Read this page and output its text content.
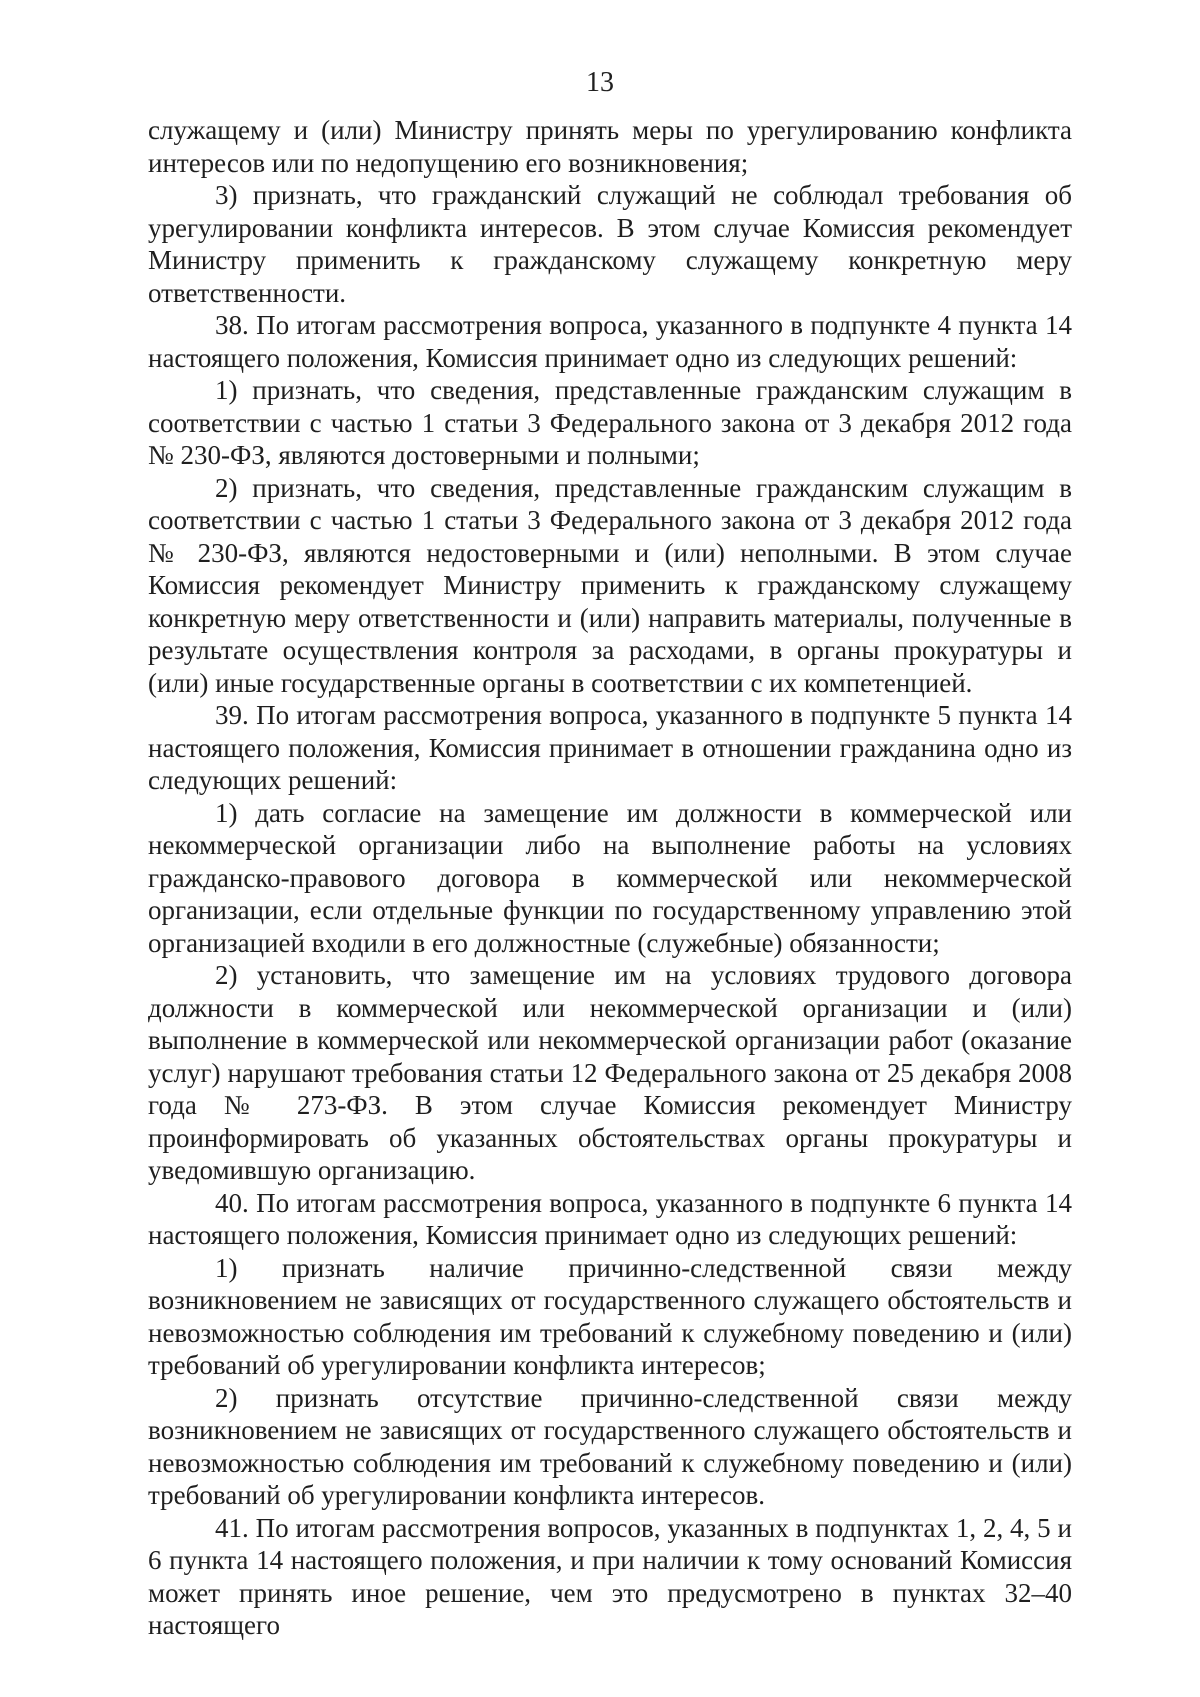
13

служащему и (или) Министру принять меры по урегулированию конфликта интересов или по недопущению его возникновения;

3) признать, что гражданский служащий не соблюдал требования об урегулировании конфликта интересов. В этом случае Комиссия рекомендует Министру применить к гражданскому служащему конкретную меру ответственности.

38. По итогам рассмотрения вопроса, указанного в подпункте 4 пункта 14 настоящего положения, Комиссия принимает одно из следующих решений:

1) признать, что сведения, представленные гражданским служащим в соответствии с частью 1 статьи 3 Федерального закона от 3 декабря 2012 года № 230-ФЗ, являются достоверными и полными;

2) признать, что сведения, представленные гражданским служащим в соответствии с частью 1 статьи 3 Федерального закона от 3 декабря 2012 года № 230-ФЗ, являются недостоверными и (или) неполными. В этом случае Комиссия рекомендует Министру применить к гражданскому служащему конкретную меру ответственности и (или) направить материалы, полученные в результате осуществления контроля за расходами, в органы прокуратуры и (или) иные государственные органы в соответствии с их компетенцией.

39. По итогам рассмотрения вопроса, указанного в подпункте 5 пункта 14 настоящего положения, Комиссия принимает в отношении гражданина одно из следующих решений:

1) дать согласие на замещение им должности в коммерческой или некоммерческой организации либо на выполнение работы на условиях гражданско-правового договора в коммерческой или некоммерческой организации, если отдельные функции по государственному управлению этой организацией входили в его должностные (служебные) обязанности;

2) установить, что замещение им на условиях трудового договора должности в коммерческой или некоммерческой организации и (или) выполнение в коммерческой или некоммерческой организации работ (оказание услуг) нарушают требования статьи 12 Федерального закона от 25 декабря 2008 года № 273-ФЗ. В этом случае Комиссия рекомендует Министру проинформировать об указанных обстоятельствах органы прокуратуры и уведомившую организацию.

40. По итогам рассмотрения вопроса, указанного в подпункте 6 пункта 14 настоящего положения, Комиссия принимает одно из следующих решений:

1) признать наличие причинно-следственной связи между возникновением не зависящих от государственного служащего обстоятельств и невозможностью соблюдения им требований к служебному поведению и (или) требований об урегулировании конфликта интересов;

2) признать отсутствие причинно-следственной связи между возникновением не зависящих от государственного служащего обстоятельств и невозможностью соблюдения им требований к служебному поведению и (или) требований об урегулировании конфликта интересов.

41. По итогам рассмотрения вопросов, указанных в подпунктах 1, 2, 4, 5 и 6 пункта 14 настоящего положения, и при наличии к тому оснований Комиссия может принять иное решение, чем это предусмотрено в пунктах 32–40 настоящего
